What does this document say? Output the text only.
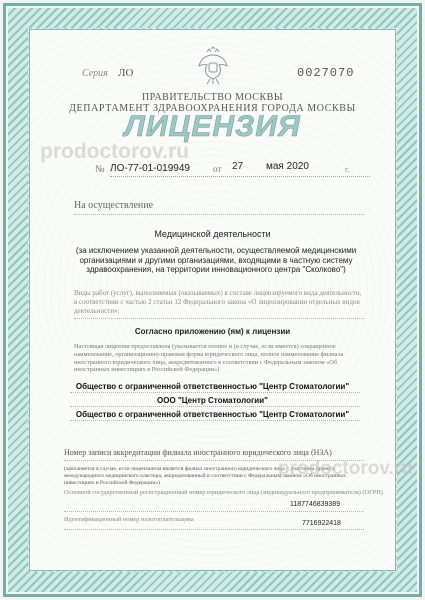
Серия ЛО	0027070
ПРАВИТЕЛЬСТВО МОСКВЫ
ДЕПАРТАМЕНТ ЗДРАВООХРАНЕНИЯ ГОРОДА МОСКВЫ
ЛИЦЕНЗИЯ
№ ЛО-77-01-019949	от 27 мая 2020	г.
На осуществление
Медицинской деятельности
(за исключением указанной деятельности, осуществляемой медицинскими организациями и другими организациями, входящими в частную систему здравоохранения, на территории инновационного центра "Сколково")
Виды работ (услуг), выполняемых (оказываемых) в составе лицензируемого вида деятельности, в соответствии с частью 2 статьи 12 Федерального закона «О лицензировании отдельных видов деятельности»:
Согласно приложению (ям) к лицензии
Настоящая лицензия предоставлена (указывается полное и (в случае, если имеется) сокращенное наименование, организационно-правовая форма юридического лица, полное наименование филиала иностранного юридического лица, аккредитованного в соответствии с Федеральным законом «Об иностранных инвестициях в Российской Федерации»)
Общество с ограниченной ответственностью "Центр Стоматологии"
ООО "Центр Стоматологии"
Общество с ограниченной ответственностью "Центр Стоматологии"
Номер записи аккредитации филиала иностранного юридического лица (НЗА)
(заполняется в случае, если лицензиатом является филиал иностранного юридического лица – участника проекта международного медицинского кластера, аккредитованный в соответствии с Федеральным законом «Об иностранных инвестициях в Российской Федерации»)
Основной государственный регистрационный номер юридического лица (индивидуального предпринимателя) (ОГРН)
1187746839389
Идентификационный номер налогоплательщика
7716922418
prodoctorov.ru
prodoctorov.ru
